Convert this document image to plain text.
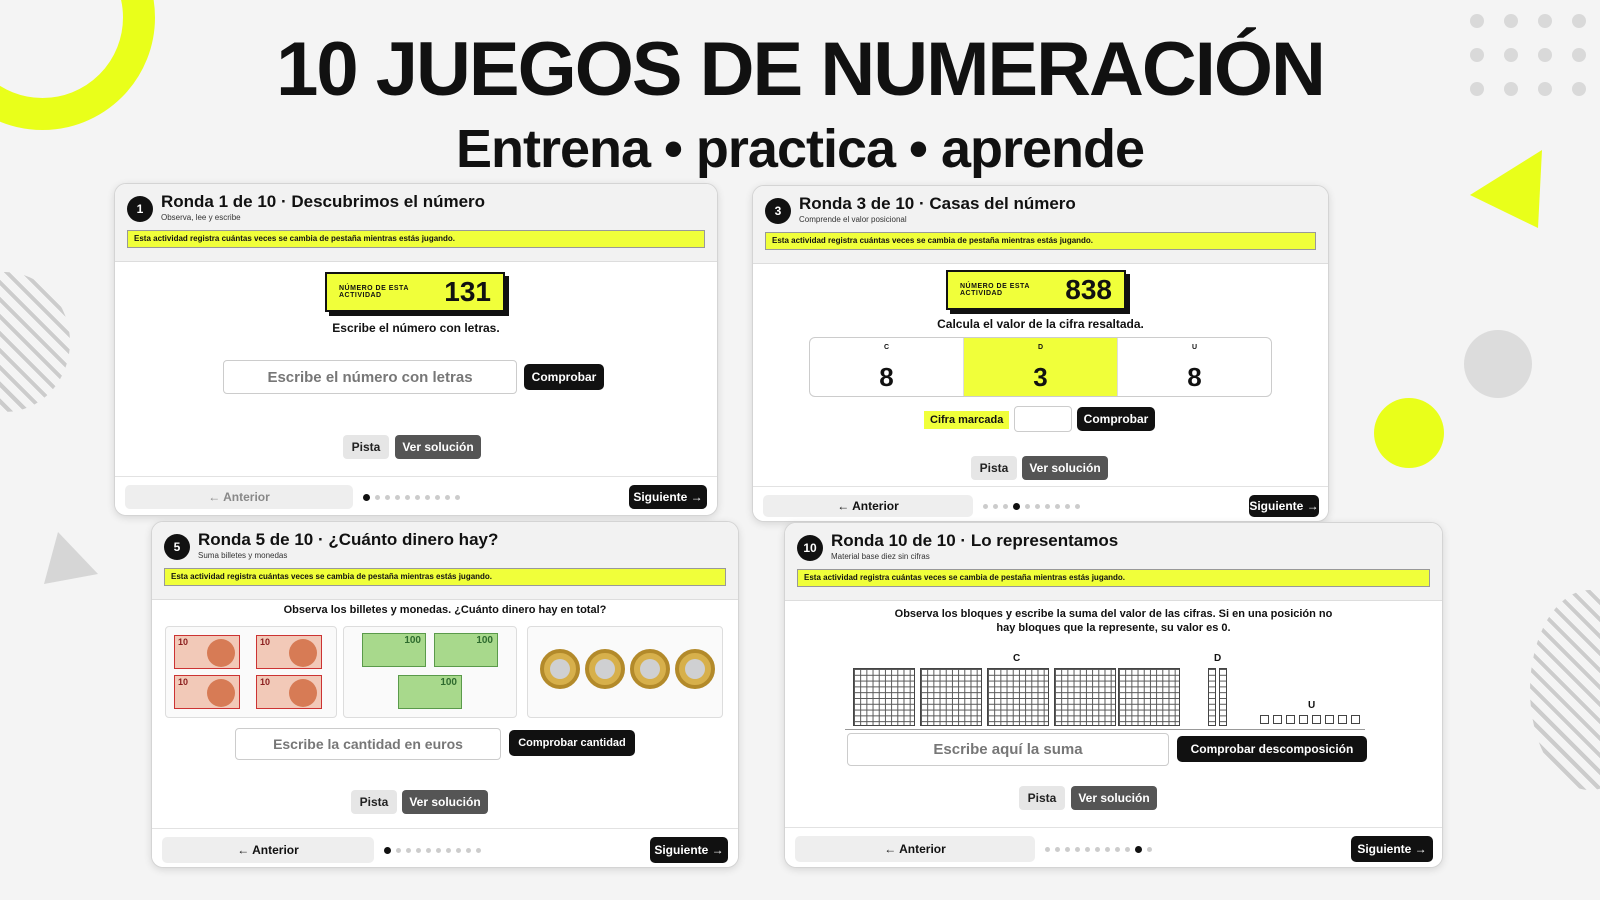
10 JUEGOS DE NUMERACIÓN
Entrena • practica • aprende
1	Ronda 1 de 10 · Descubrimos el número
Observa, lee y escribe
Esta actividad registra cuántas veces se cambia de pestaña mientras estás jugando.
NÚMERO DE ESTA ACTIVIDAD	131
Escribe el número con letras.
Escribe el número con letras	Comprobar
Pista	Ver solución
← Anterior	Siguiente →
3	Ronda 3 de 10 · Casas del número
Comprende el valor posicional
Esta actividad registra cuántas veces se cambia de pestaña mientras estás jugando.
NÚMERO DE ESTA ACTIVIDAD	838
Calcula el valor de la cifra resaltada.
C
8
D
3
U
8
Cifra marcada	Comprobar
Pista	Ver solución
← Anterior	Siguiente →
5	Ronda 5 de 10 · ¿Cuánto dinero hay?
Suma billetes y monedas
Esta actividad registra cuántas veces se cambia de pestaña mientras estás jugando.
Observa los billetes y monedas. ¿Cuánto dinero hay en total?
10	10
10	10
100	100
100
Escribe la cantidad en euros	Comprobar cantidad
Pista	Ver solución
← Anterior	Siguiente →
10 Ronda 10 de 10 · Lo representamos
Material base diez sin cifras
Esta actividad registra cuántas veces se cambia de pestaña mientras estás jugando.
Observa los bloques y escribe la suma del valor de las cifras. Si en una posición no
hay bloques que la represente, su valor es 0.
C	D
U
Escribe aquí la suma	Comprobar descomposición
Pista	Ver solución
← Anterior	Siguiente →
